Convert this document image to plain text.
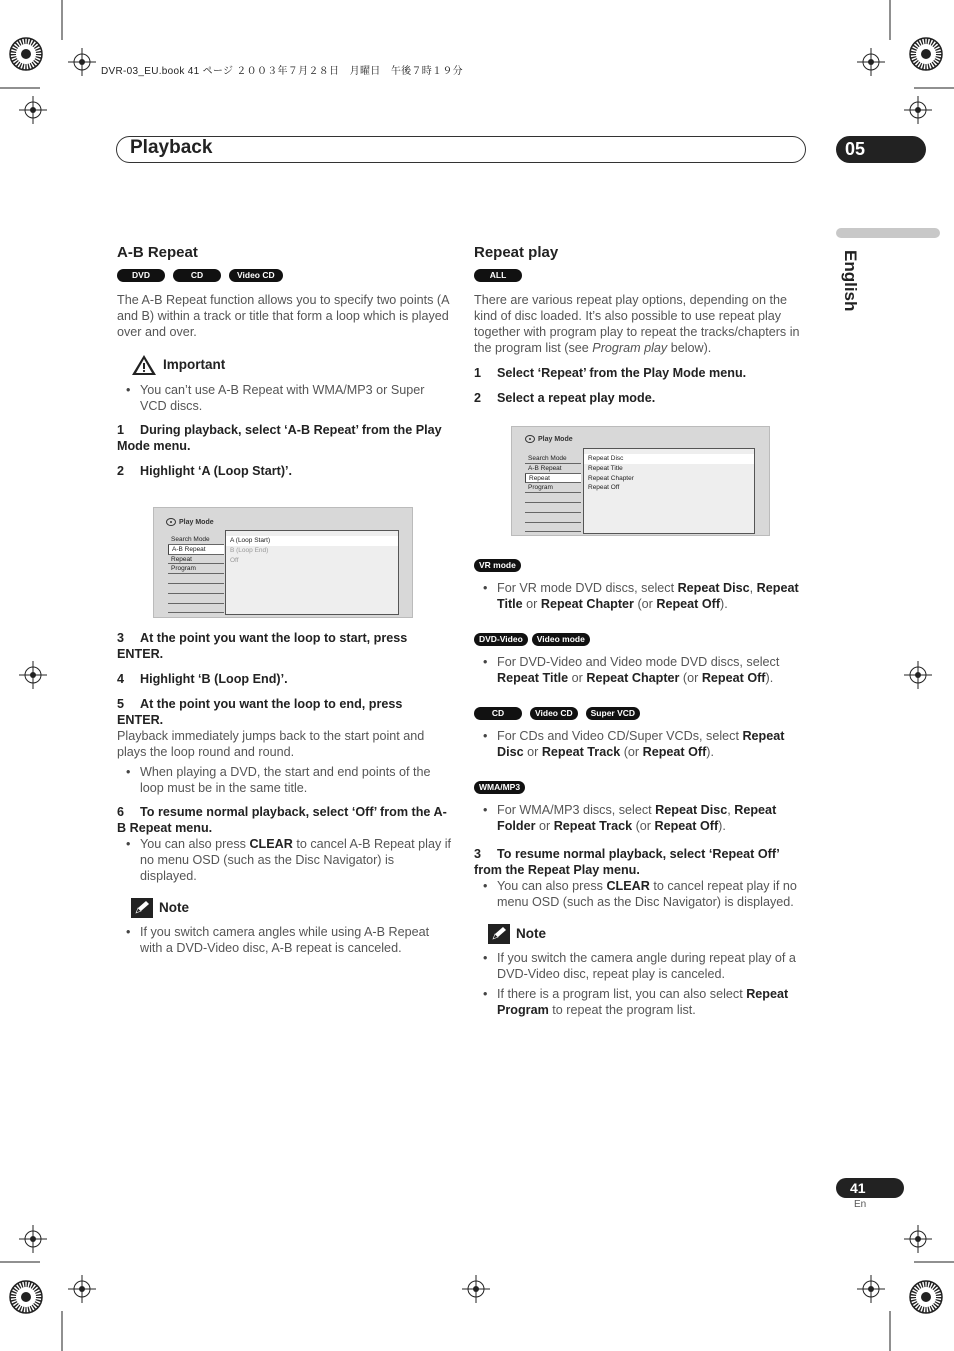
DVR-03_EU.book 41 ページ ２００３年７月２８日　月曜日　午後７時１９分
Playback	05
English
A-B Repeat
DVD	CD	Video CD

The A-B Repeat function allows you to specify two points (A and B) within a track or title that form a loop which is played over and over.

Important
• You can’t use A-B Repeat with WMA/MP3 or Super VCD discs.
1 During playback, select ‘A-B Repeat’ from the Play Mode menu.
2 Highlight ‘A (Loop Start)’.
3 At the point you want the loop to start, press ENTER.
4 Highlight ‘B (Loop End)’.
5 At the point you want the loop to end, press ENTER.

Playback immediately jumps back to the start point and plays the loop round and round.

• When playing a DVD, the start and end points of the loop must be in the same title.
6 To resume normal playback, select ‘Off’ from the A-B Repeat menu.
• You can also press CLEAR to cancel A-B Repeat play if no menu OSD (such as the Disc Navigator) is displayed.
Note
• If you switch camera angles while using A-B Repeat with a DVD-Video disc, A-B repeat is canceled.
Play Mode
Search Mode
A-B Repeat
Repeat
Program
A (Loop Start)
B (Loop End)
Off
Repeat play
ALL

There are various repeat play options, depending on the kind of disc loaded. It’s also possible to use repeat play together with program play to repeat the tracks/chapters in the program list (see Program play below).

1 Select ‘Repeat’ from the Play Mode menu.
2 Select a repeat play mode.
VR mode
• For VR mode DVD discs, select Repeat Disc, Repeat Title or Repeat Chapter (or Repeat Off).
DVD-Video	Video mode
• For DVD-Video and Video mode DVD discs, select Repeat Title or Repeat Chapter (or Repeat Off).
CD	Video CD	Super VCD
• For CDs and Video CD/Super VCDs, select Repeat Disc or Repeat Track (or Repeat Off).
WMA/MP3
• For WMA/MP3 discs, select Repeat Disc, Repeat Folder or Repeat Track (or Repeat Off).
3 To resume normal playback, select ‘Repeat Off’ from the Repeat Play menu.
• You can also press CLEAR to cancel repeat play if no menu OSD (such as the Disc Navigator) is displayed.
Note
• If you switch the camera angle during repeat play of a DVD-Video disc, repeat play is canceled.
• If there is a program list, you can also select Repeat Program to repeat the program list.
Play Mode
Search Mode
A-B Repeat
Repeat
Program
Repeat Disc
Repeat Title
Repeat Chapter
Repeat Off
41
En
